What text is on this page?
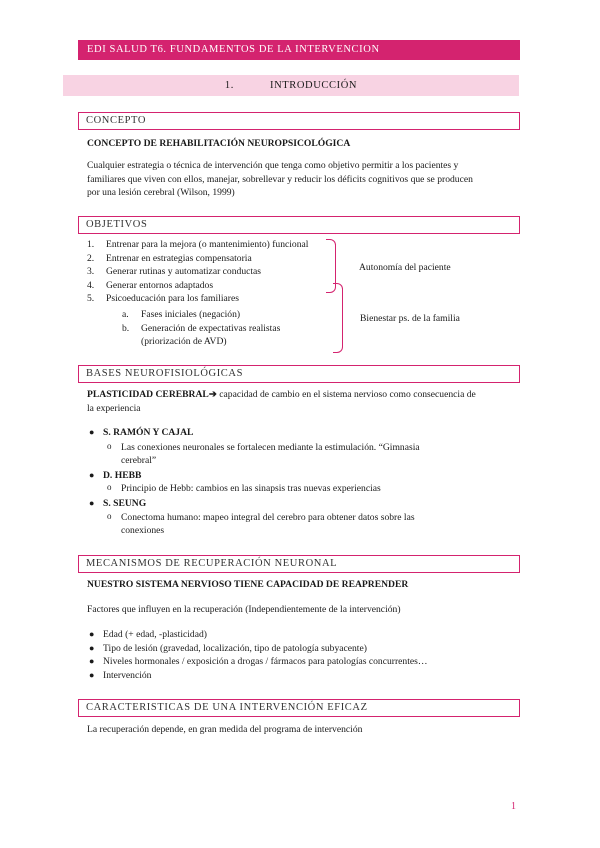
EDI SALUD T6. FUNDAMENTOS DE LA INTERVENCION
1.	INTRODUCCIÓN
CONCEPTO
CONCEPTO DE REHABILITACIÓN NEUROPSICOLÓGICA
Cualquier estrategia o técnica de intervención que tenga como objetivo permitir a los pacientes y
familiares que viven con ellos, manejar, sobrellevar y reducir los déficits cognitivos que se producen
por una lesión cerebral (Wilson, 1999)
OBJETIVOS
1. Entrenar para la mejora (o mantenimiento) funcional
2. Entrenar en estrategias compensatoria
3. Generar rutinas y automatizar conductas
4. Generar entornos adaptados
5. Psicoeducación para los familiares
a. Fases iniciales (negación)
b. Generación de expectativas realistas
(priorización de AVD)
Autonomía del paciente
Bienestar ps. de la familia
BASES NEUROFISIOLÓGICAS
PLASTICIDAD CEREBRAL➔ capacidad de cambio en el sistema nervioso como consecuencia de
la experiencia
● S. RAMÓN Y CAJAL
o Las conexiones neuronales se fortalecen mediante la estimulación. “Gimnasia
cerebral”
● D. HEBB
o Principio de Hebb: cambios en las sinapsis tras nuevas experiencias
● S. SEUNG
o Conectoma humano: mapeo integral del cerebro para obtener datos sobre las
conexiones
MECANISMOS DE RECUPERACIÓN NEURONAL
NUESTRO SISTEMA NERVIOSO TIENE CAPACIDAD DE REAPRENDER
Factores que influyen en la recuperación (Independientemente de la intervención)
● Edad (+ edad, -plasticidad)
● Tipo de lesión (gravedad, localización, tipo de patología subyacente)
● Niveles hormonales / exposición a drogas / fármacos para patologías concurrentes…
● Intervención
CARACTERISTICAS DE UNA INTERVENCIÓN EFICAZ
La recuperación depende, en gran medida del programa de intervención
1
